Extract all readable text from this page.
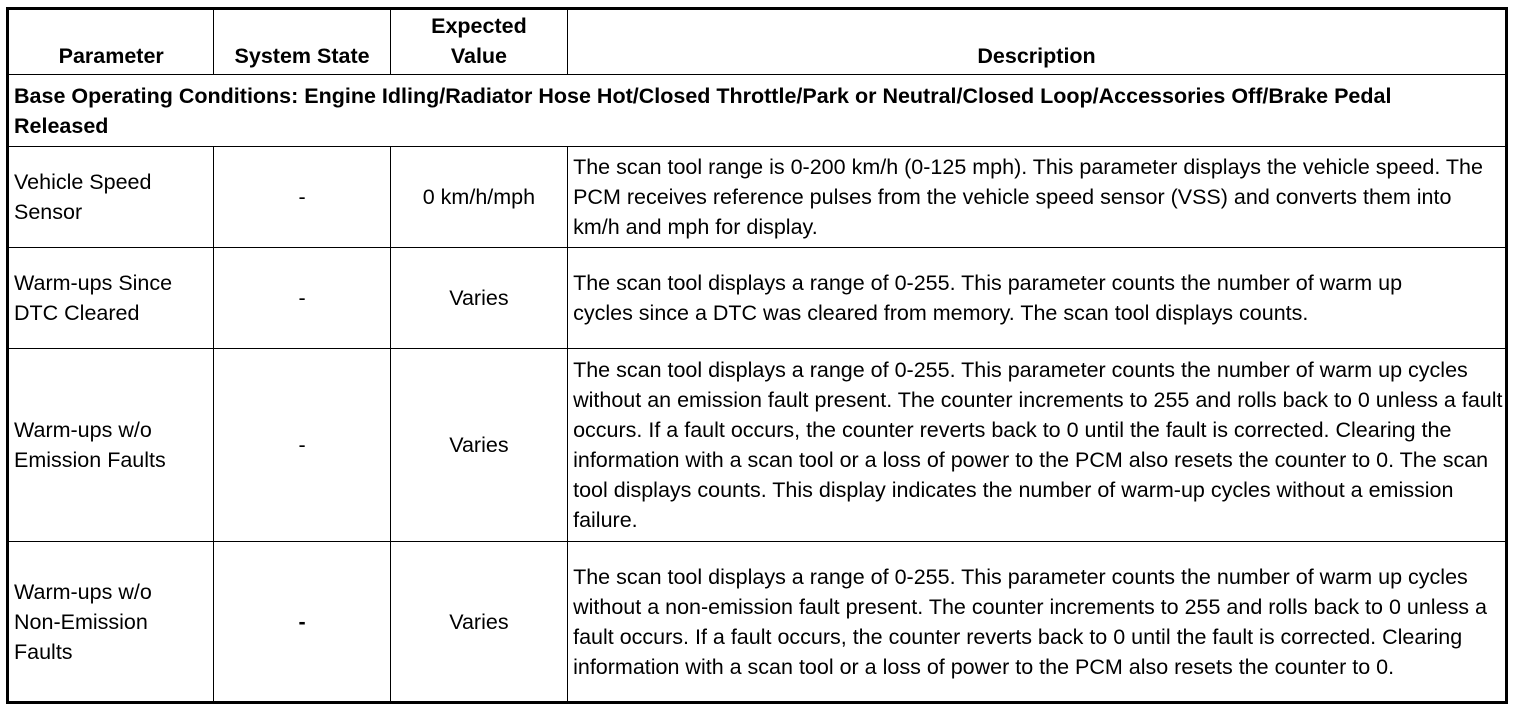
Parameter	System State	Expected Value	Description
Base Operating Conditions: Engine Idling/Radiator Hose Hot/Closed Throttle/Park or Neutral/Closed Loop/Accessories Off/Brake Pedal Released			
Vehicle Speed Sensor	-	0 km/h/mph	The scan tool range is 0-200 km/h (0-125 mph). This parameter displays the vehicle speed. The PCM receives reference pulses from the vehicle speed sensor (VSS) and converts them into km/h and mph for display.
Warm-ups Since DTC Cleared	-	Varies	The scan tool displays a range of 0-255. This parameter counts the number of warm up cycles since a DTC was cleared from memory. The scan tool displays counts.
Warm-ups w/o Emission Faults	-	Varies	The scan tool displays a range of 0-255. This parameter counts the number of warm up cycles without an emission fault present. The counter increments to 255 and rolls back to 0 unless a fault occurs. If a fault occurs, the counter reverts back to 0 until the fault is corrected. Clearing the information with a scan tool or a loss of power to the PCM also resets the counter to 0. The scan tool displays counts. This display indicates the number of warm-up cycles without a emission failure.
Warm-ups w/o Non-Emission Faults	-	Varies	The scan tool displays a range of 0-255. This parameter counts the number of warm up cycles without a non-emission fault present. The counter increments to 255 and rolls back to 0 unless a fault occurs. If a fault occurs, the counter reverts back to 0 until the fault is corrected. Clearing information with a scan tool or a loss of power to the PCM also resets the counter to 0.
